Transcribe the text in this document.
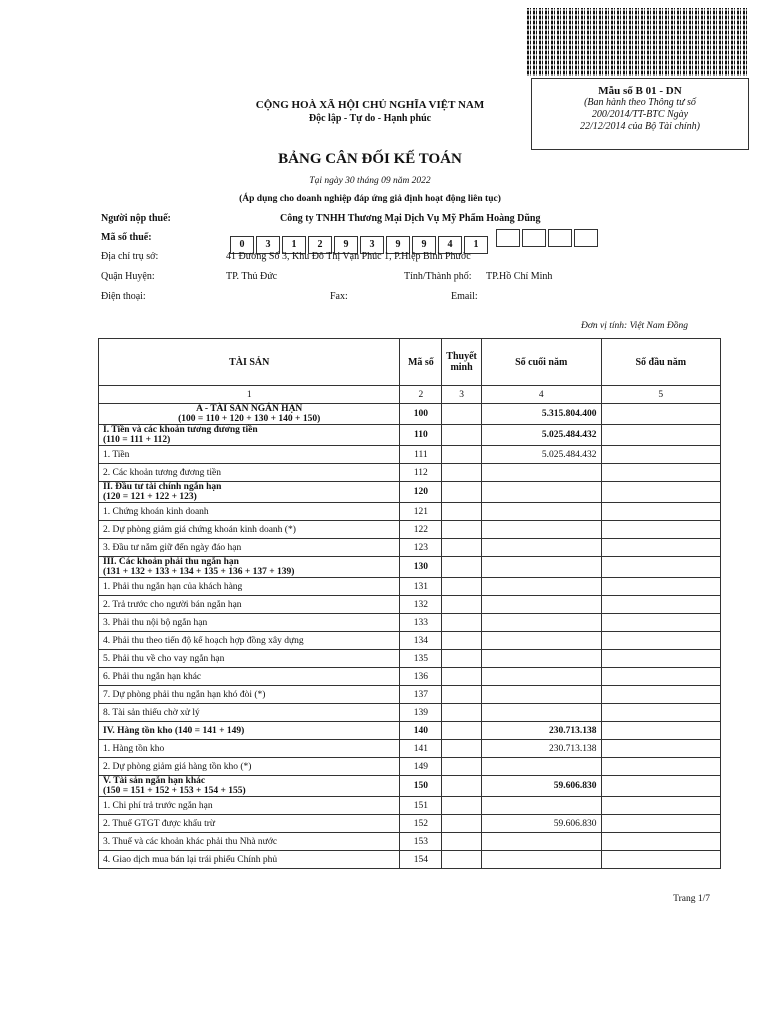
Mẫu số B 01 - DN
(Ban hành theo Thông tư số
200/2014/TT-BTC Ngày
22/12/2014 của Bộ Tài chính)
CỘNG HOÀ XÃ HỘI CHỦ NGHĨA VIỆT NAM
Độc lập - Tự do - Hạnh phúc
BẢNG CÂN ĐỐI KẾ TOÁN
Tại ngày 30 tháng 09 năm 2022
(Áp dụng cho doanh nghiệp đáp ứng giả định hoạt động liên tục)
Người nộp thuế:	Công ty TNHH Thương Mại Dịch Vụ Mỹ Phẩm Hoàng Dũng
Mã số thuế:
0 3 1 2 9 3 9 9 4 1
Địa chỉ trụ sở:	41 Đường Số 3, Khu Đô Thị Vạn Phúc 1, P.Hiệp Bình Phước
Quận Huyện:	TP. Thủ Đức	Tỉnh/Thành phố: TP.Hồ Chí Minh
Điện thoại:	Fax:	Email:
Đơn vị tính: Việt Nam Đồng
TÀI SẢN	Mã số	Thuyết minh	Số cuối năm	Số đầu năm
1	2	3	4	5

A - TÀI SẢN NGẮN HẠN
(100 = 110 + 120 + 130 + 140 + 150)	100		5.315.804.400	

I. Tiền và các khoản tương đương tiền
(110 = 111 + 112)	110		5.025.484.432	

1. Tiền	111		5.025.484.432	

2. Các khoản tương đương tiền	112			

II. Đầu tư tài chính ngắn hạn
(120 = 121 + 122 + 123)	120			

1. Chứng khoán kinh doanh	121			

2. Dự phòng giảm giá chứng khoán kinh doanh (*)	122			

3. Đầu tư nắm giữ đến ngày đáo hạn	123			

III. Các khoản phải thu ngắn hạn
(131 + 132 + 133 + 134 + 135 + 136 + 137 + 139)	130			

1. Phải thu ngắn hạn của khách hàng	131			

2. Trả trước cho người bán ngắn hạn	132			

3. Phải thu nội bộ ngắn hạn	133			

4. Phải thu theo tiến độ kế hoạch hợp đồng xây dựng	134			

5. Phải thu về cho vay ngắn hạn	135			

6. Phải thu ngắn hạn khác	136			

7. Dự phòng phải thu ngắn hạn khó đòi (*)	137			

8. Tài sản thiếu chờ xử lý	139			

IV. Hàng tồn kho (140 = 141 + 149)	140		230.713.138	

1. Hàng tồn kho	141		230.713.138	

2. Dự phòng giảm giá hàng tồn kho (*)	149			

V. Tài sản ngắn hạn khác
(150 = 151 + 152 + 153 + 154 + 155)	150		59.606.830	

1. Chi phí trả trước ngắn hạn	151			

2. Thuế GTGT được khấu trừ	152		59.606.830	

3. Thuế và các khoản khác phải thu Nhà nước	153			

4. Giao dịch mua bán lại trái phiếu Chính phủ	154			
Trang 1/7
